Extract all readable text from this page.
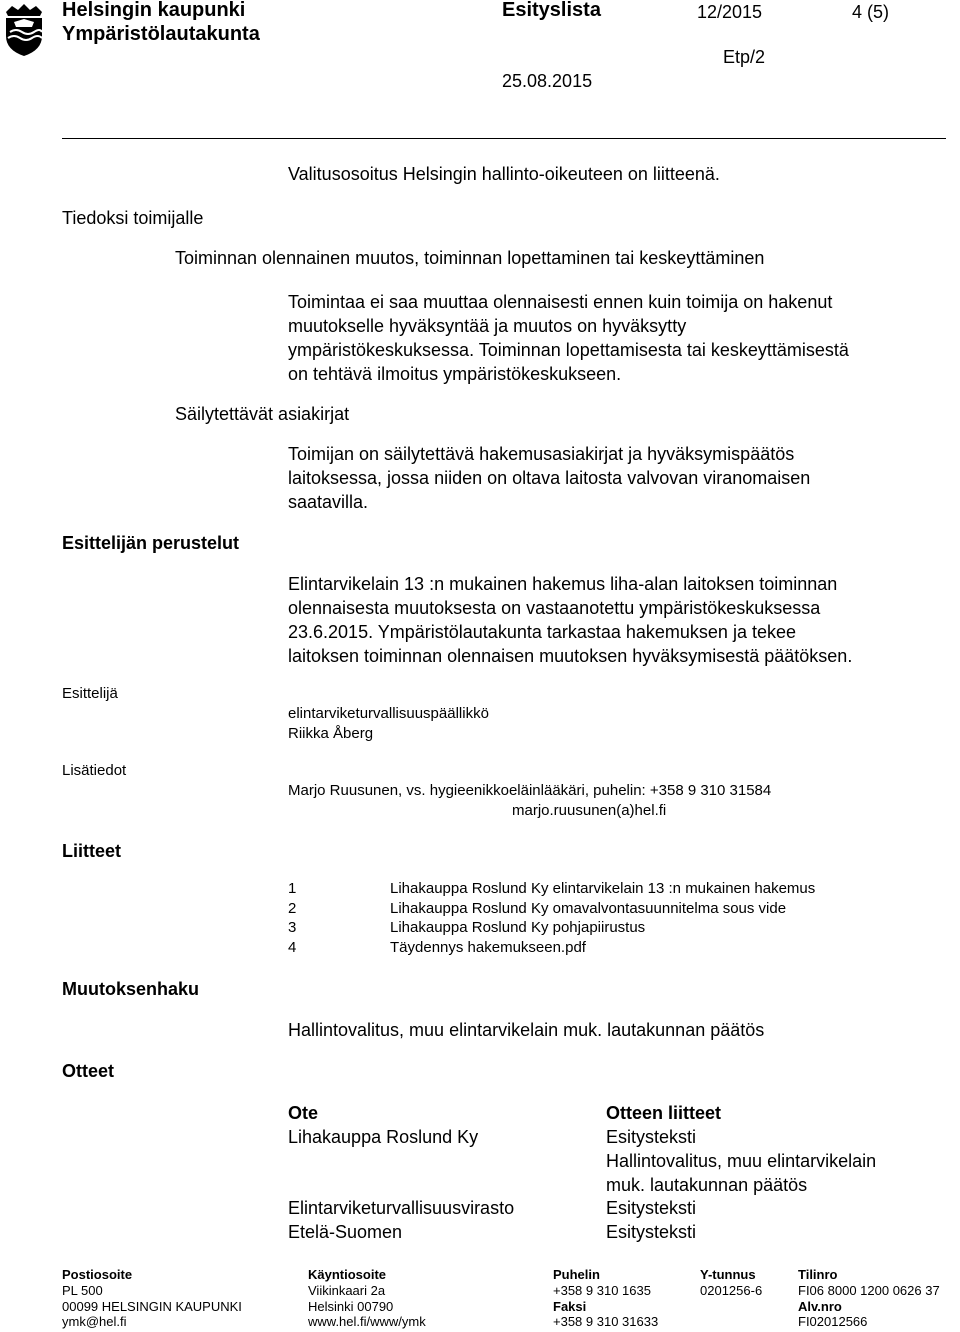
Helsingin kaupunki
Ympäristölautakunta
Esityslista	12/2015	4 (5)
Etp/2
25.08.2015
Tiedoksi toimijalle
Esittelijän perustelut
Esittelijä
Lisätiedot
Liitteet
Muutoksenhaku
Otteet
Valitusosoitus Helsingin hallinto-oikeuteen on liitteenä.
Toiminnan olennainen muutos, toiminnan lopettaminen tai keskeyttäminen
Toimintaa ei saa muuttaa olennaisesti ennen kuin toimija on hakenut
muutokselle hyväksyntää ja muutos on hyväksytty
ympäristökeskuksessa. Toiminnan lopettamisesta tai keskeyttämisestä
on tehtävä ilmoitus ympäristökeskukseen.
Säilytettävät asiakirjat
Toimijan on säilytettävä hakemusasiakirjat ja hyväksymispäätös
laitoksessa, jossa niiden on oltava laitosta valvovan viranomaisen
saatavilla.
Elintarvikelain 13 :n mukainen hakemus liha-alan laitoksen toiminnan
olennaisesta muutoksesta on vastaanotettu ympäristökeskuksessa
23.6.2015. Ympäristölautakunta tarkastaa hakemuksen ja tekee
laitoksen toiminnan olennaisen muutoksen hyväksymisestä päätöksen.
elintarviketurvallisuuspäällikkö
Riikka Åberg
Marjo Ruusunen, vs. hygieenikkoeläinlääkäri, puhelin: +358 9 310 31584
marjo.ruusunen(a)hel.fi
1	Lihakauppa Roslund Ky elintarvikelain 13 :n mukainen hakemus
2	Lihakauppa Roslund Ky omavalvontasuunnitelma sous vide
3	Lihakauppa Roslund Ky pohjapiirustus
4	Täydennys hakemukseen.pdf
Hallintovalitus, muu elintarvikelain muk. lautakunnan päätös
Ote	Otteen liitteet
Lihakauppa Roslund Ky	Esitysteksti
Hallintovalitus, muu elintarvikelain
muk. lautakunnan päätös
Elintarviketurvallisuusvirasto	Esitysteksti
Etelä-Suomen	Esitysteksti
Postiosoite
PL 500
00099 HELSINGIN KAUPUNKI
ymk@hel.fi
Käyntiosoite
Viikinkaari 2a
Helsinki 00790
www.hel.fi/www/ymk
Puhelin
+358 9 310 1635
Faksi
+358 9 310 31633
Y-tunnus
0201256-6
Tilinro
FI06 8000 1200 0626 37
Alv.nro
FI02012566
